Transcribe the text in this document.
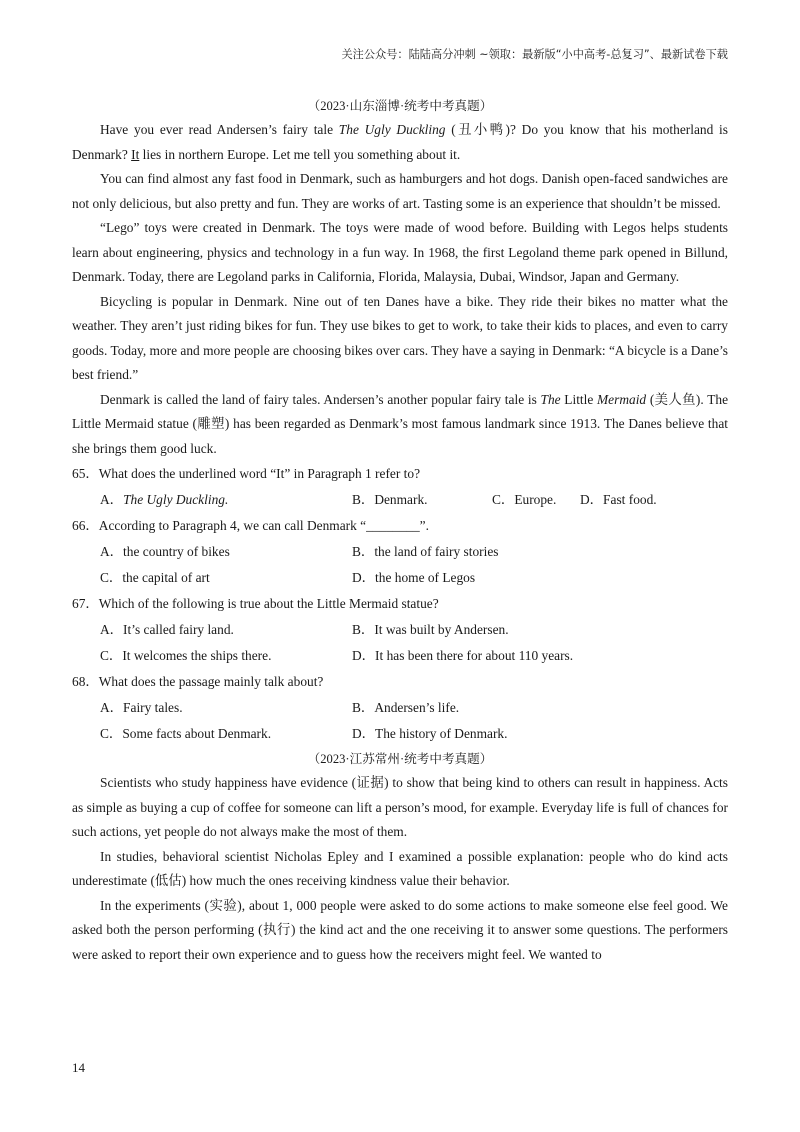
关注公众号：陆陆高分冲刺 ~领取：最新版“小中高考-总复习”、最新试卷下载
（2023·山东淄博·统考中考真题）

Have you ever read Andersen’s fairy tale The Ugly Duckling (丑小鸭)? Do you know that his motherland is Denmark? It lies in northern Europe. Let me tell you something about it.

You can find almost any fast food in Denmark, such as hamburgers and hot dogs. Danish open-faced sandwiches are not only delicious, but also pretty and fun. They are works of art. Tasting some is an experience that shouldn’t be missed.

“Lego” toys were created in Denmark. The toys were made of wood before. Building with Legos helps students learn about engineering, physics and technology in a fun way. In 1968, the first Legoland theme park opened in Billund, Denmark. Today, there are Legoland parks in California, Florida, Malaysia, Dubai, Windsor, Japan and Germany.

Bicycling is popular in Denmark. Nine out of ten Danes have a bike. They ride their bikes no matter what the weather. They aren’t just riding bikes for fun. They use bikes to get to work, to take their kids to places, and even to carry goods. Today, more and more people are choosing bikes over cars. They have a saying in Denmark: “A bicycle is a Dane’s best friend.”

Denmark is called the land of fairy tales. Andersen’s another popular fairy tale is The Little Mermaid (美人鱼). The Little Mermaid statue (雕塑) has been regarded as Denmark’s most famous landmark since 1913. The Danes believe that she brings them good luck.

65．What does the underlined word “It” in Paragraph 1 refer to?

A．The Ugly Duckling.	B．Denmark.	C．Europe. D．Fast food.

66．According to Paragraph 4, we can call Denmark “________”.

A．the country of bikes	B．the land of fairy stories
C．the capital of art	D．the home of Legos

67．Which of the following is true about the Little Mermaid statue?

A．It’s called fairy land.	B．It was built by Andersen.
C．It welcomes the ships there.	D．It has been there for about 110 years.

68．What does the passage mainly talk about?

A．Fairy tales.	B．Andersen’s life.
C．Some facts about Denmark.	D．The history of Denmark.
（2023·江苏常州·统考中考真题）

Scientists who study happiness have evidence (证据) to show that being kind to others can result in happiness. Acts as simple as buying a cup of coffee for someone can lift a person’s mood, for example. Everyday life is full of chances for such actions, yet people do not always make the most of them.

In studies, behavioral scientist Nicholas Epley and I examined a possible explanation: people who do kind acts underestimate (低估) how much the ones receiving kindness value their behavior.

In the experiments (实验), about 1, 000 people were asked to do some actions to make someone else feel good. We asked both the person performing (执行) the kind act and the one receiving it to answer some questions. The performers were asked to report their own experience and to guess how the receivers might feel. We wanted to

14
